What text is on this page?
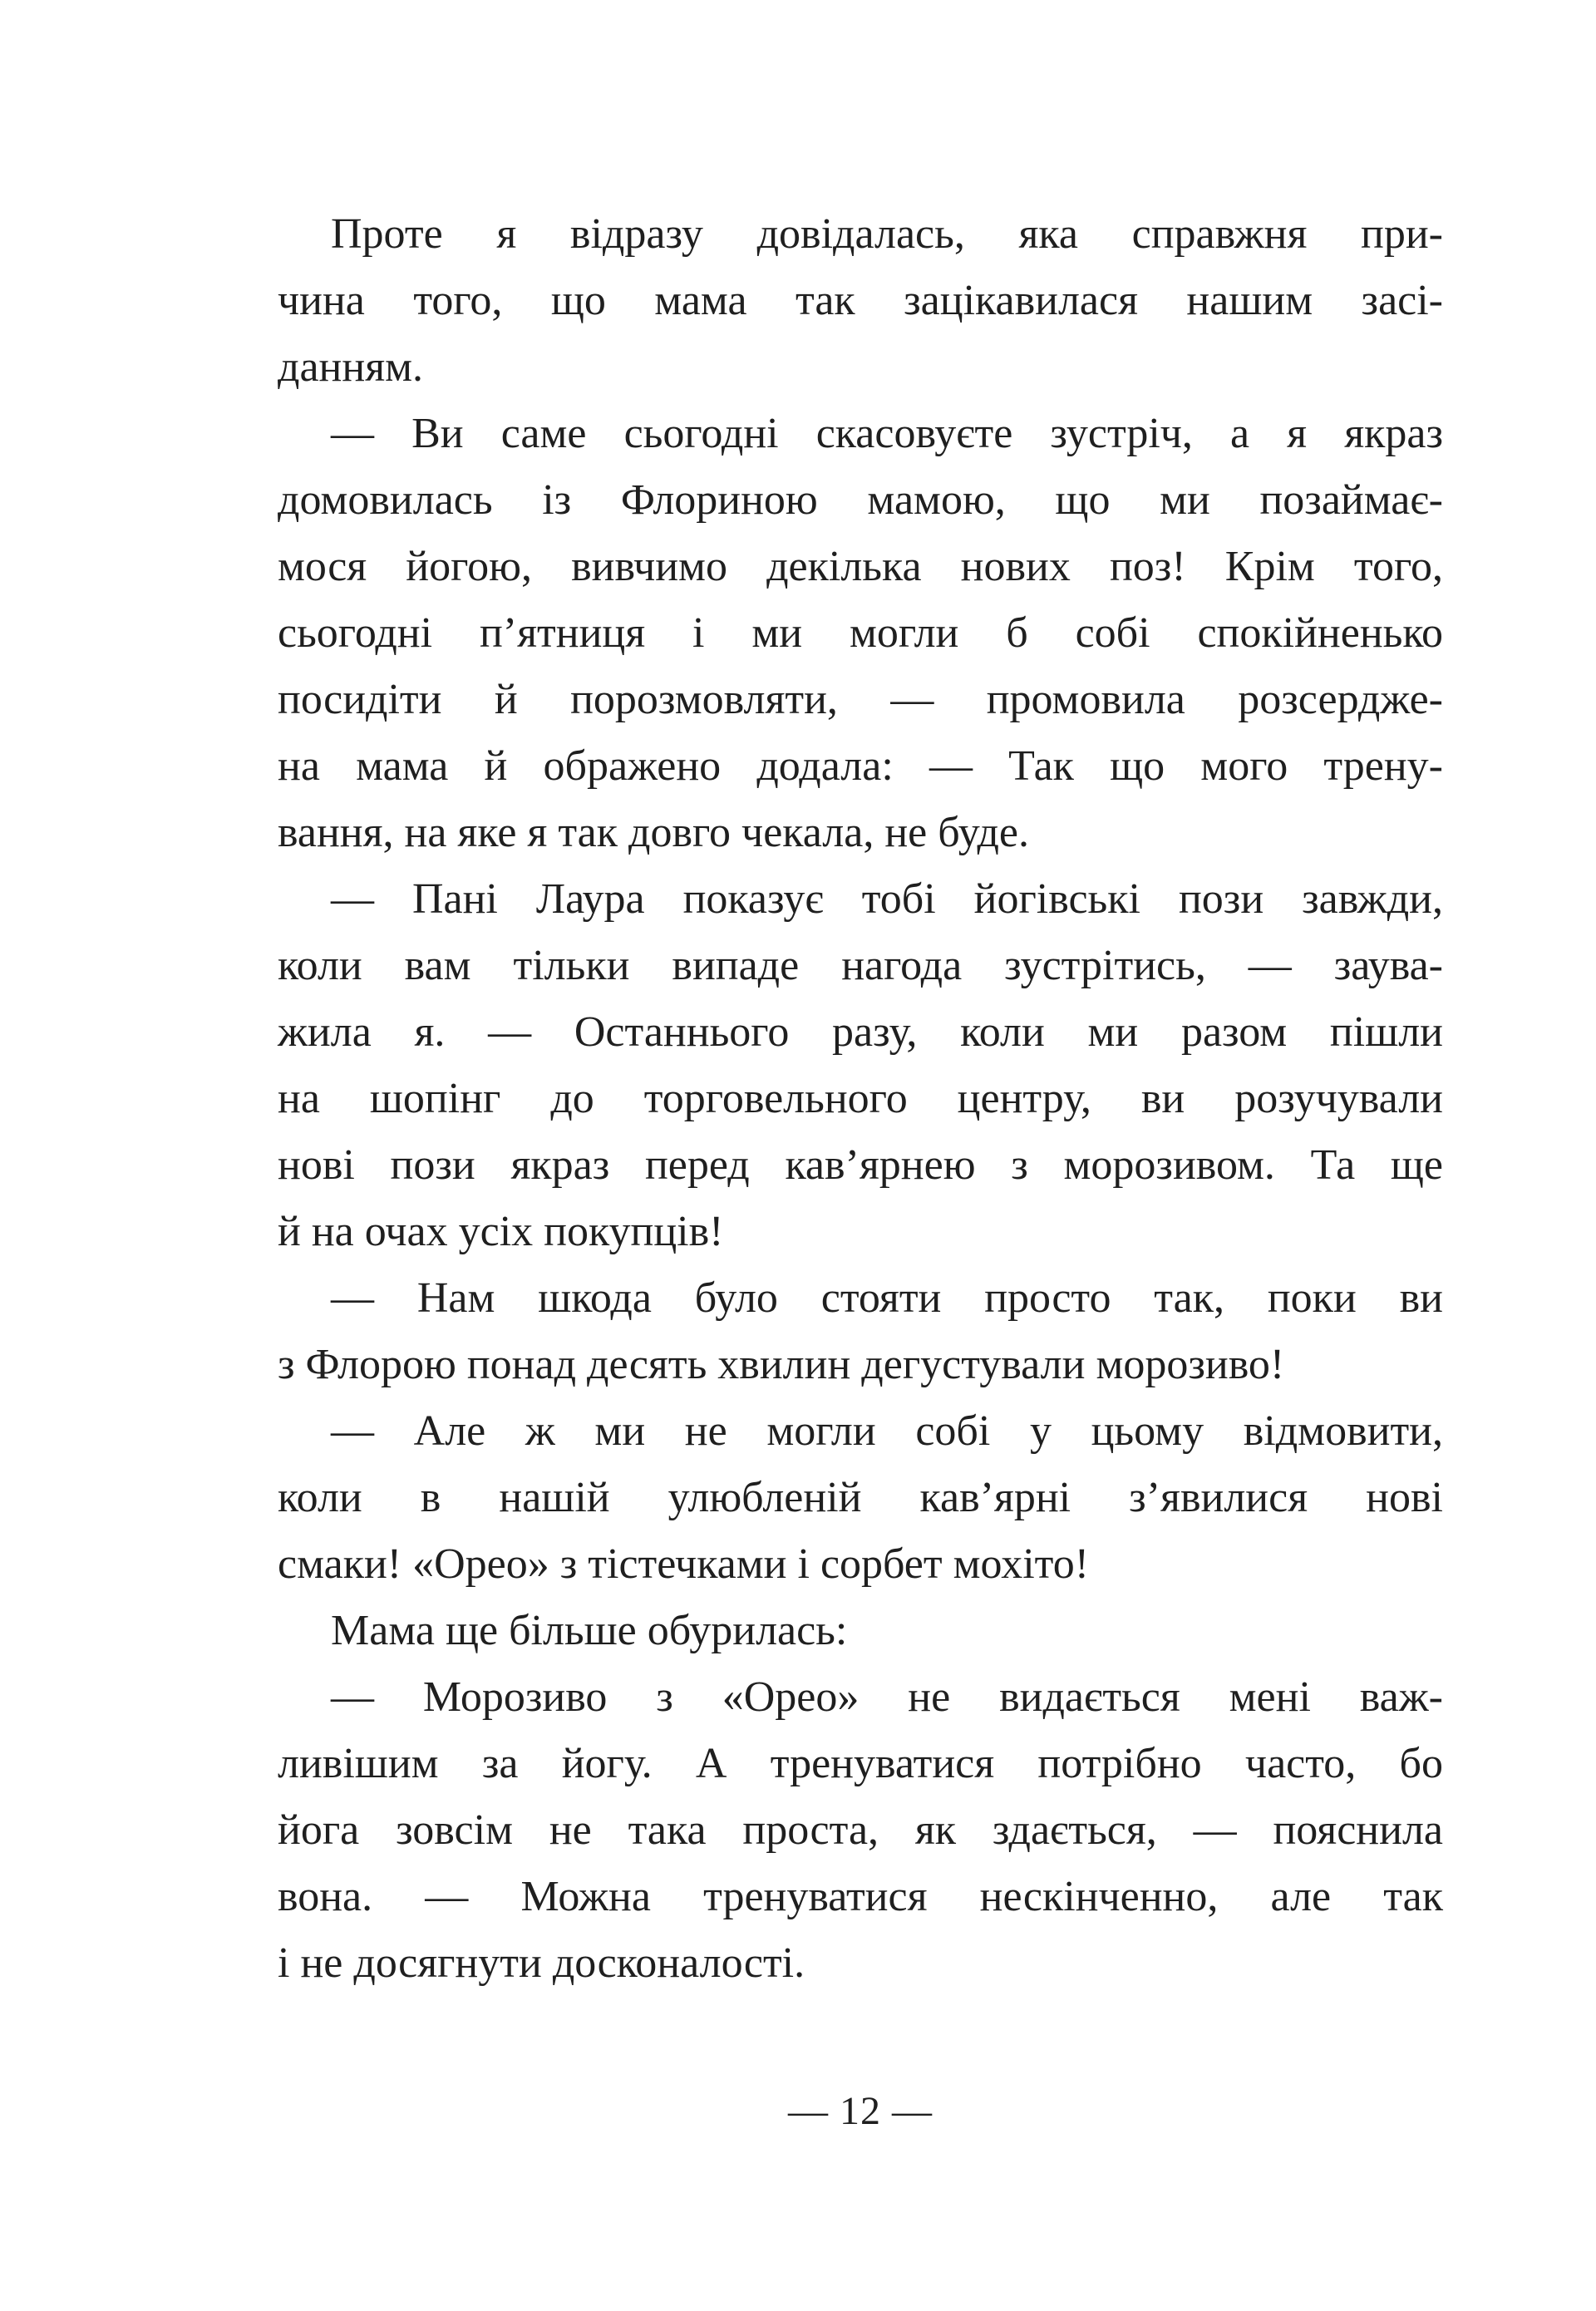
Проте я відразу довідалась, яка справжня при-
чина того, що мама так зацікавилася нашим засі-
данням.

— Ви саме сьогодні скасовуєте зустріч, а я якраз
домовилась із Флориною мамою, що ми позаймає-
мося йогою, вивчимо декілька нових поз! Крім того,
сьогодні п’ятниця і ми могли б собі спокійненько
посидіти й порозмовляти, — промовила розсердже-
на мама й ображено додала: — Так що мого трену-
вання, на яке я так довго чекала, не буде.

— Пані Лаура показує тобі йогівські пози завжди,
коли вам тільки випаде нагода зустрітись, — заува-
жила я. — Останнього разу, коли ми разом пішли
на шопінг до торговельного центру, ви розучували
нові пози якраз перед кав’ярнею з морозивом. Та ще
й на очах усіх покупців!

— Нам шкода було стояти просто так, поки ви
з Флорою понад десять хвилин дегустували морозиво!

— Але ж ми не могли собі у цьому відмовити,
коли в нашій улюбленій кав’ярні з’явилися нові
смаки! «Орео» з тістечками і сорбет мохіто!

Мама ще більше обурилась:

— Морозиво з «Орео» не видається мені важ-
ливішим за йогу. А тренуватися потрібно часто, бо
йога зовсім не така проста, як здається, — пояснила
вона. — Можна тренуватися нескінченно, але так
і не досягнути досконалості.

— 12 —
